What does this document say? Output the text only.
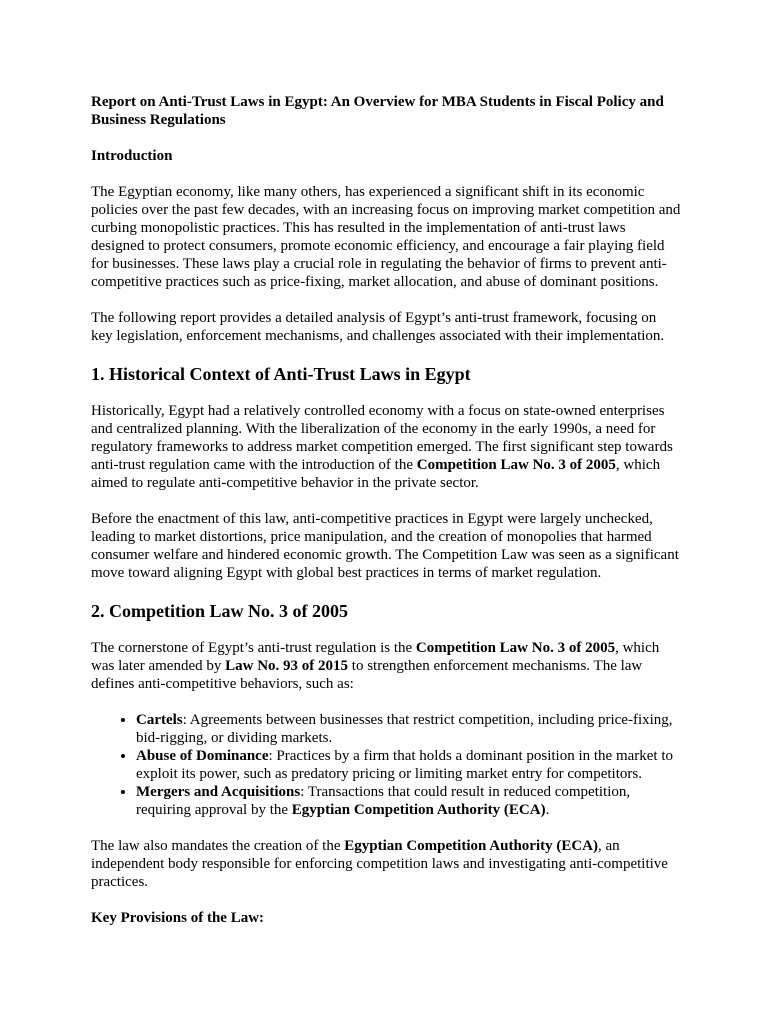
Report on Anti-Trust Laws in Egypt: An Overview for MBA Students in Fiscal Policy and Business Regulations
Introduction

The Egyptian economy, like many others, has experienced a significant shift in its economic policies over the past few decades, with an increasing focus on improving market competition and curbing monopolistic practices. This has resulted in the implementation of anti-trust laws designed to protect consumers, promote economic efficiency, and encourage a fair playing field for businesses. These laws play a crucial role in regulating the behavior of firms to prevent anti-competitive practices such as price-fixing, market allocation, and abuse of dominant positions.

The following report provides a detailed analysis of Egypt’s anti-trust framework, focusing on key legislation, enforcement mechanisms, and challenges associated with their implementation.

1. Historical Context of Anti-Trust Laws in Egypt

Historically, Egypt had a relatively controlled economy with a focus on state-owned enterprises and centralized planning. With the liberalization of the economy in the early 1990s, a need for regulatory frameworks to address market competition emerged. The first significant step towards anti-trust regulation came with the introduction of the Competition Law No. 3 of 2005, which aimed to regulate anti-competitive behavior in the private sector.

Before the enactment of this law, anti-competitive practices in Egypt were largely unchecked, leading to market distortions, price manipulation, and the creation of monopolies that harmed consumer welfare and hindered economic growth. The Competition Law was seen as a significant move toward aligning Egypt with global best practices in terms of market regulation.

2. Competition Law No. 3 of 2005

The cornerstone of Egypt’s anti-trust regulation is the Competition Law No. 3 of 2005, which was later amended by Law No. 93 of 2015 to strengthen enforcement mechanisms. The law defines anti-competitive behaviors, such as:

• Cartels: Agreements between businesses that restrict competition, including price-fixing, bid-rigging, or dividing markets.
• Abuse of Dominance: Practices by a firm that holds a dominant position in the market to exploit its power, such as predatory pricing or limiting market entry for competitors.
• Mergers and Acquisitions: Transactions that could result in reduced competition, requiring approval by the Egyptian Competition Authority (ECA).

The law also mandates the creation of the Egyptian Competition Authority (ECA), an independent body responsible for enforcing competition laws and investigating anti-competitive practices.

Key Provisions of the Law:
